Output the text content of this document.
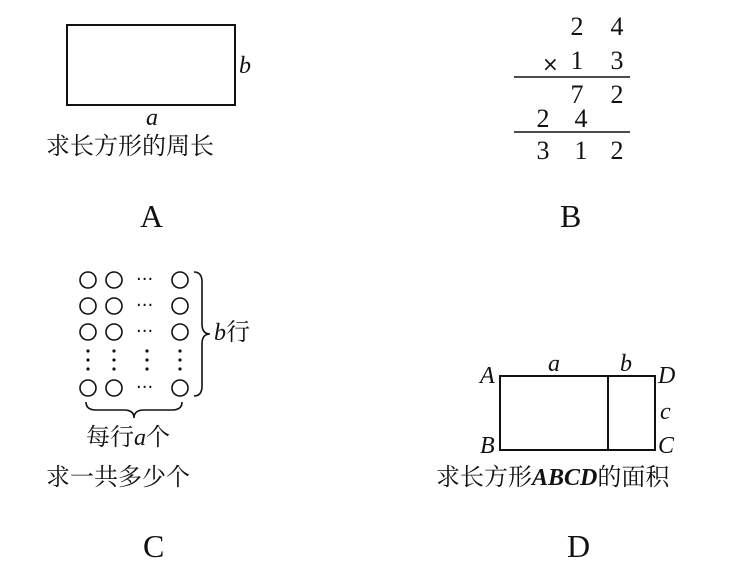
b
a
求长方形的周长
A
2 4
× 1 3
7 2
2 4
3 1 2
B
···
···
···
···
b行
每行a个
求一共多少个
C
A
B	C
D
a	b
c
求长方形ABCD的面积
D
